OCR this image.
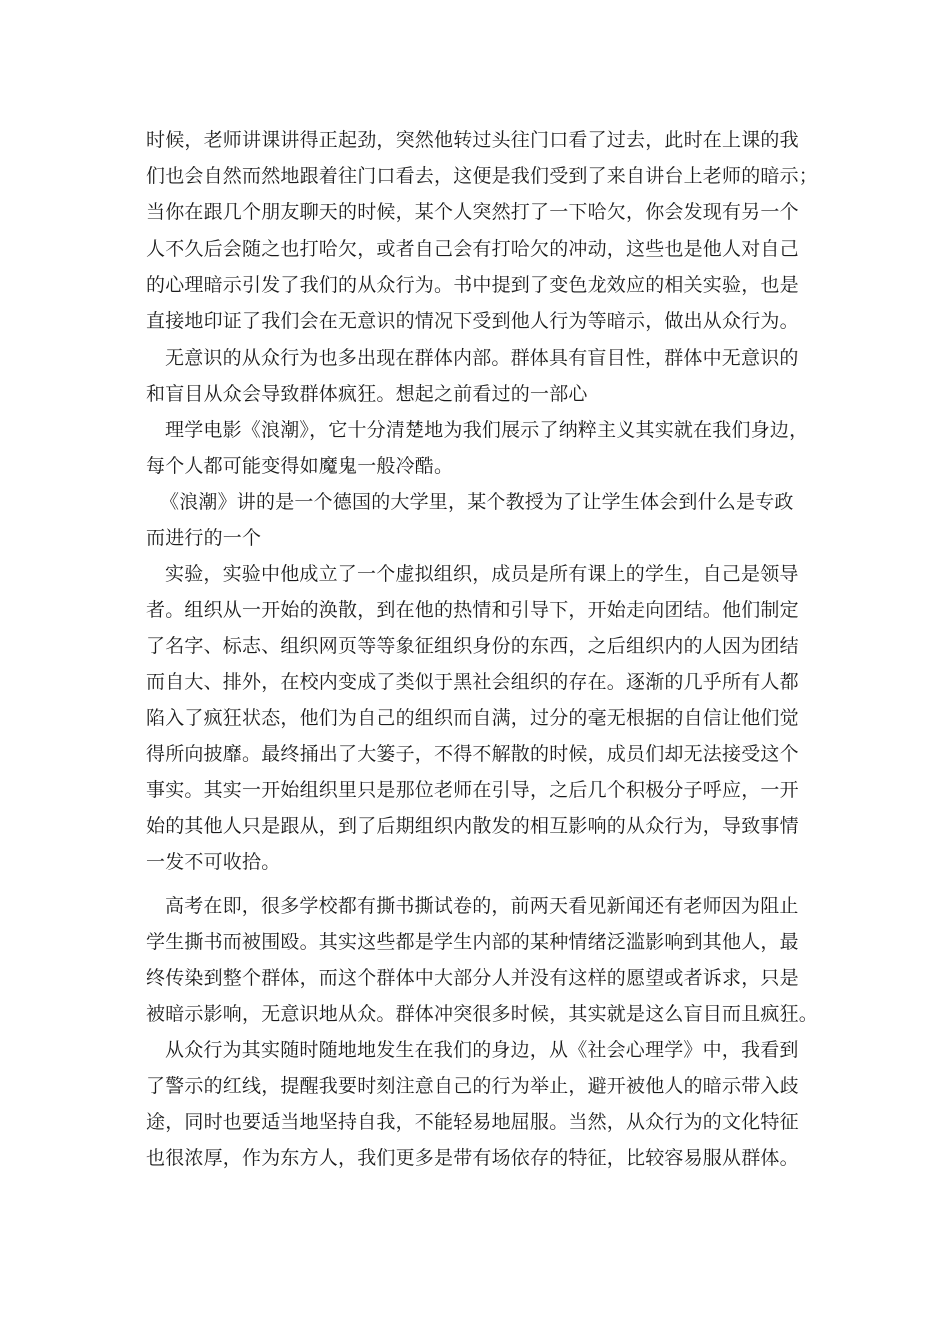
时候，老师讲课讲得正起劲，突然他转过头往门口看了过去，此时在上课的我
们也会自然而然地跟着往门口看去，这便是我们受到了来自讲台上老师的暗示；
当你在跟几个朋友聊天的时候，某个人突然打了一下哈欠，你会发现有另一个
人不久后会随之也打哈欠，或者自己会有打哈欠的冲动，这些也是他人对自己
的心理暗示引发了我们的从众行为。书中提到了变色龙效应的相关实验，也是
直接地印证了我们会在无意识的情况下受到他人行为等暗示，做出从众行为。
无意识的从众行为也多出现在群体内部。群体具有盲目性，群体中无意识的
和盲目从众会导致群体疯狂。想起之前看过的一部心
理学电影《浪潮》，它十分清楚地为我们展示了纳粹主义其实就在我们身边，
每个人都可能变得如魔鬼一般冷酷。
《浪潮》讲的是一个德国的大学里，某个教授为了让学生体会到什么是专政
而进行的一个
实验，实验中他成立了一个虚拟组织，成员是所有课上的学生，自己是领导
者。组织从一开始的涣散，到在他的热情和引导下，开始走向团结。他们制定
了名字、标志、组织网页等等象征组织身份的东西，之后组织内的人因为团结
而自大、排外，在校内变成了类似于黑社会组织的存在。逐渐的几乎所有人都
陷入了疯狂状态，他们为自己的组织而自满，过分的毫无根据的自信让他们觉
得所向披靡。最终捅出了大篓子，不得不解散的时候，成员们却无法接受这个
事实。其实一开始组织里只是那位老师在引导，之后几个积极分子呼应，一开
始的其他人只是跟从，到了后期组织内散发的相互影响的从众行为，导致事情
一发不可收拾。
高考在即，很多学校都有撕书撕试卷的，前两天看见新闻还有老师因为阻止
学生撕书而被围殴。其实这些都是学生内部的某种情绪泛滥影响到其他人，最
终传染到整个群体，而这个群体中大部分人并没有这样的愿望或者诉求，只是
被暗示影响，无意识地从众。群体冲突很多时候，其实就是这么盲目而且疯狂。
从众行为其实随时随地地发生在我们的身边，从《社会心理学》中，我看到
了警示的红线，提醒我要时刻注意自己的行为举止，避开被他人的暗示带入歧
途，同时也要适当地坚持自我，不能轻易地屈服。当然，从众行为的文化特征
也很浓厚，作为东方人，我们更多是带有场依存的特征，比较容易服从群体。
